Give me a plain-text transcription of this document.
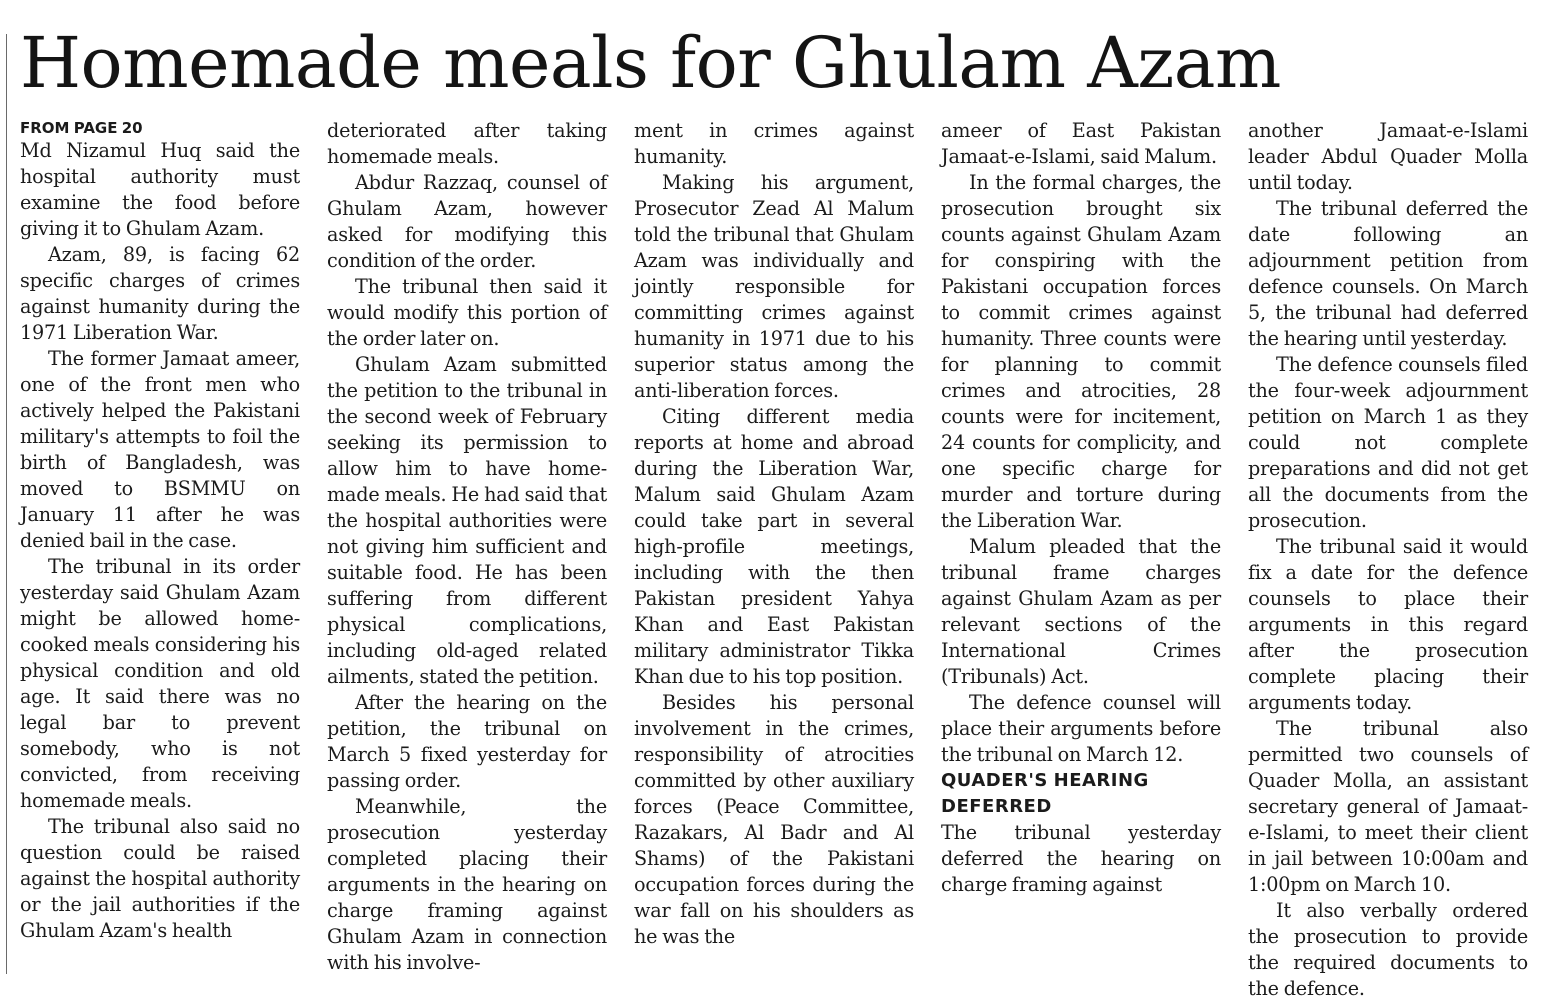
Homemade meals for Ghulam Azam
FROM PAGE 20

Md Nizamul Huq said the hospital authority must examine the food before giving it to Ghulam Azam.

Azam, 89, is facing 62 specific charges of crimes against humanity during the 1971 Liberation War.

The former Jamaat ameer, one of the front men who actively helped the Pakistani military's attempts to foil the birth of Bangladesh, was moved to BSMMU on January 11 after he was denied bail in the case.

The tribunal in its order yesterday said Ghulam Azam might be allowed home-cooked meals considering his physical condition and old age. It said there was no legal bar to prevent somebody, who is not convicted, from receiving homemade meals.

The tribunal also said no question could be raised against the hospital authority or the jail authorities if the Ghulam Azam's health

deteriorated after taking homemade meals.

Abdur Razzaq, counsel of Ghulam Azam, however asked for modifying this condition of the order.

The tribunal then said it would modify this portion of the order later on.

Ghulam Azam submitted the petition to the tribunal in the second week of February seeking its permission to allow him to have home-made meals. He had said that the hospital authorities were not giving him sufficient and suitable food. He has been suffering from different physical complications, including old-aged related ailments, stated the petition.

After the hearing on the petition, the tribunal on March 5 fixed yesterday for passing order.

Meanwhile, the prosecution yesterday completed placing their arguments in the hearing on charge framing against Ghulam Azam in connection with his involve-

ment in crimes against humanity.

Making his argument, Prosecutor Zead Al Malum told the tribunal that Ghulam Azam was individually and jointly responsible for committing crimes against humanity in 1971 due to his superior status among the anti-liberation forces.

Citing different media reports at home and abroad during the Liberation War, Malum said Ghulam Azam could take part in several high-profile meetings, including with the then Pakistan president Yahya Khan and East Pakistan military administrator Tikka Khan due to his top position.

Besides his personal involvement in the crimes, responsibility of atrocities committed by other auxiliary forces (Peace Committee, Razakars, Al Badr and Al Shams) of the Pakistani occupation forces during the war fall on his shoulders as he was the

ameer of East Pakistan Jamaat-e-Islami, said Malum.

In the formal charges, the prosecution brought six counts against Ghulam Azam for conspiring with the Pakistani occupation forces to commit crimes against humanity. Three counts were for planning to commit crimes and atrocities, 28 counts were for incitement, 24 counts for complicity, and one specific charge for murder and torture during the Liberation War.

Malum pleaded that the tribunal frame charges against Ghulam Azam as per relevant sections of the International Crimes (Tribunals) Act.

The defence counsel will place their arguments before the tribunal on March 12.

QUADER'S HEARING
DEFERRED

The tribunal yesterday deferred the hearing on charge framing against

another Jamaat-e-Islami leader Abdul Quader Molla until today.

The tribunal deferred the date following an adjournment petition from defence counsels. On March 5, the tribunal had deferred the hearing until yesterday.

The defence counsels filed the four-week adjournment petition on March 1 as they could not complete preparations and did not get all the documents from the prosecution.

The tribunal said it would fix a date for the defence counsels to place their arguments in this regard after the prosecution complete placing their arguments today.

The tribunal also permitted two counsels of Quader Molla, an assistant secretary general of Jamaat-e-Islami, to meet their client in jail between 10:00am and 1:00pm on March 10.

It also verbally ordered the prosecution to provide the required documents to the defence.
